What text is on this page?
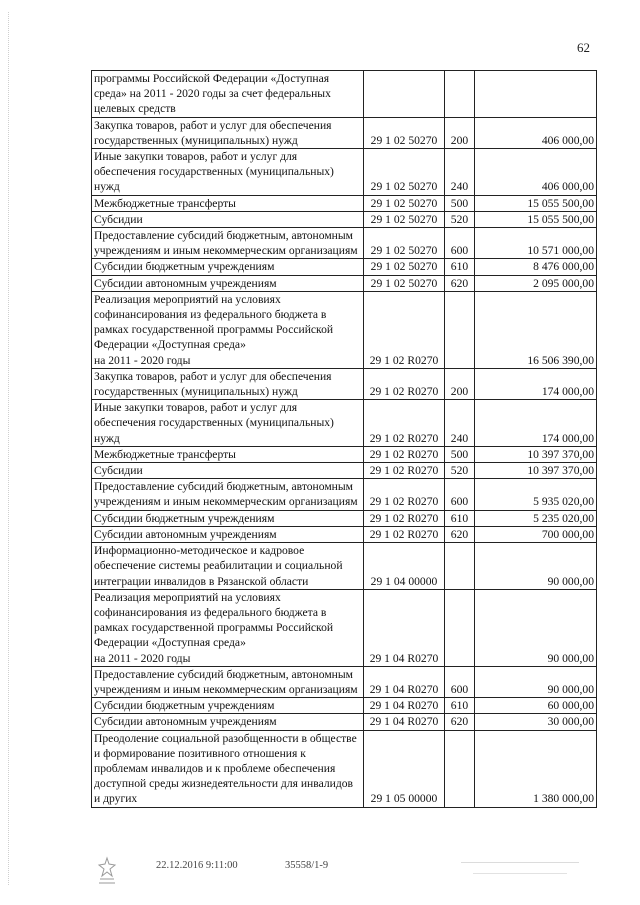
62
программы Российской Федерации «Доступная среда» на 2011 - 2020 годы за счет федеральных целевых средств			
Закупка товаров, работ и услуг для обеспечения государственных (муниципальных) нужд	29 1 02 50270	200	406 000,00
Иные закупки товаров, работ и услуг для обеспечения государственных (муниципальных) нужд	29 1 02 50270	240	406 000,00
Межбюджетные трансферты	29 1 02 50270	500	15 055 500,00
Субсидии	29 1 02 50270	520	15 055 500,00
Предоставление субсидий бюджетным, автономным учреждениям и иным некоммерческим организациям	29 1 02 50270	600	10 571 000,00
Субсидии бюджетным учреждениям	29 1 02 50270	610	8 476 000,00
Субсидии автономным учреждениям	29 1 02 50270	620	2 095 000,00
Реализация мероприятий на условиях софинансирования из федерального бюджета в рамках государственной программы Российской Федерации «Доступная среда»
на 2011 - 2020 годы	29 1 02 R0270		16 506 390,00
Закупка товаров, работ и услуг для обеспечения государственных (муниципальных) нужд	29 1 02 R0270	200	174 000,00
Иные закупки товаров, работ и услуг для обеспечения государственных (муниципальных) нужд	29 1 02 R0270	240	174 000,00
Межбюджетные трансферты	29 1 02 R0270	500	10 397 370,00
Субсидии	29 1 02 R0270	520	10 397 370,00
Предоставление субсидий бюджетным, автономным учреждениям и иным некоммерческим организациям	29 1 02 R0270	600	5 935 020,00
Субсидии бюджетным учреждениям	29 1 02 R0270	610	5 235 020,00
Субсидии автономным учреждениям	29 1 02 R0270	620	700 000,00
Информационно-методическое и кадровое обеспечение системы реабилитации и социальной интеграции инвалидов в Рязанской области	29 1 04 00000		90 000,00
Реализация мероприятий на условиях софинансирования из федерального бюджета в рамках государственной программы Российской Федерации «Доступная среда»
на 2011 - 2020 годы	29 1 04 R0270		90 000,00
Предоставление субсидий бюджетным, автономным учреждениям и иным некоммерческим организациям	29 1 04 R0270	600	90 000,00
Субсидии бюджетным учреждениям	29 1 04 R0270	610	60 000,00
Субсидии автономным учреждениям	29 1 04 R0270	620	30 000,00
Преодоление социальной разобщенности в обществе и формирование позитивного отношения к проблемам инвалидов и к проблеме обеспечения доступной среды жизнедеятельности для инвалидов и других	29 1 05 00000		1 380 000,00
22.12.2016 9:11:00	35558/1-9
